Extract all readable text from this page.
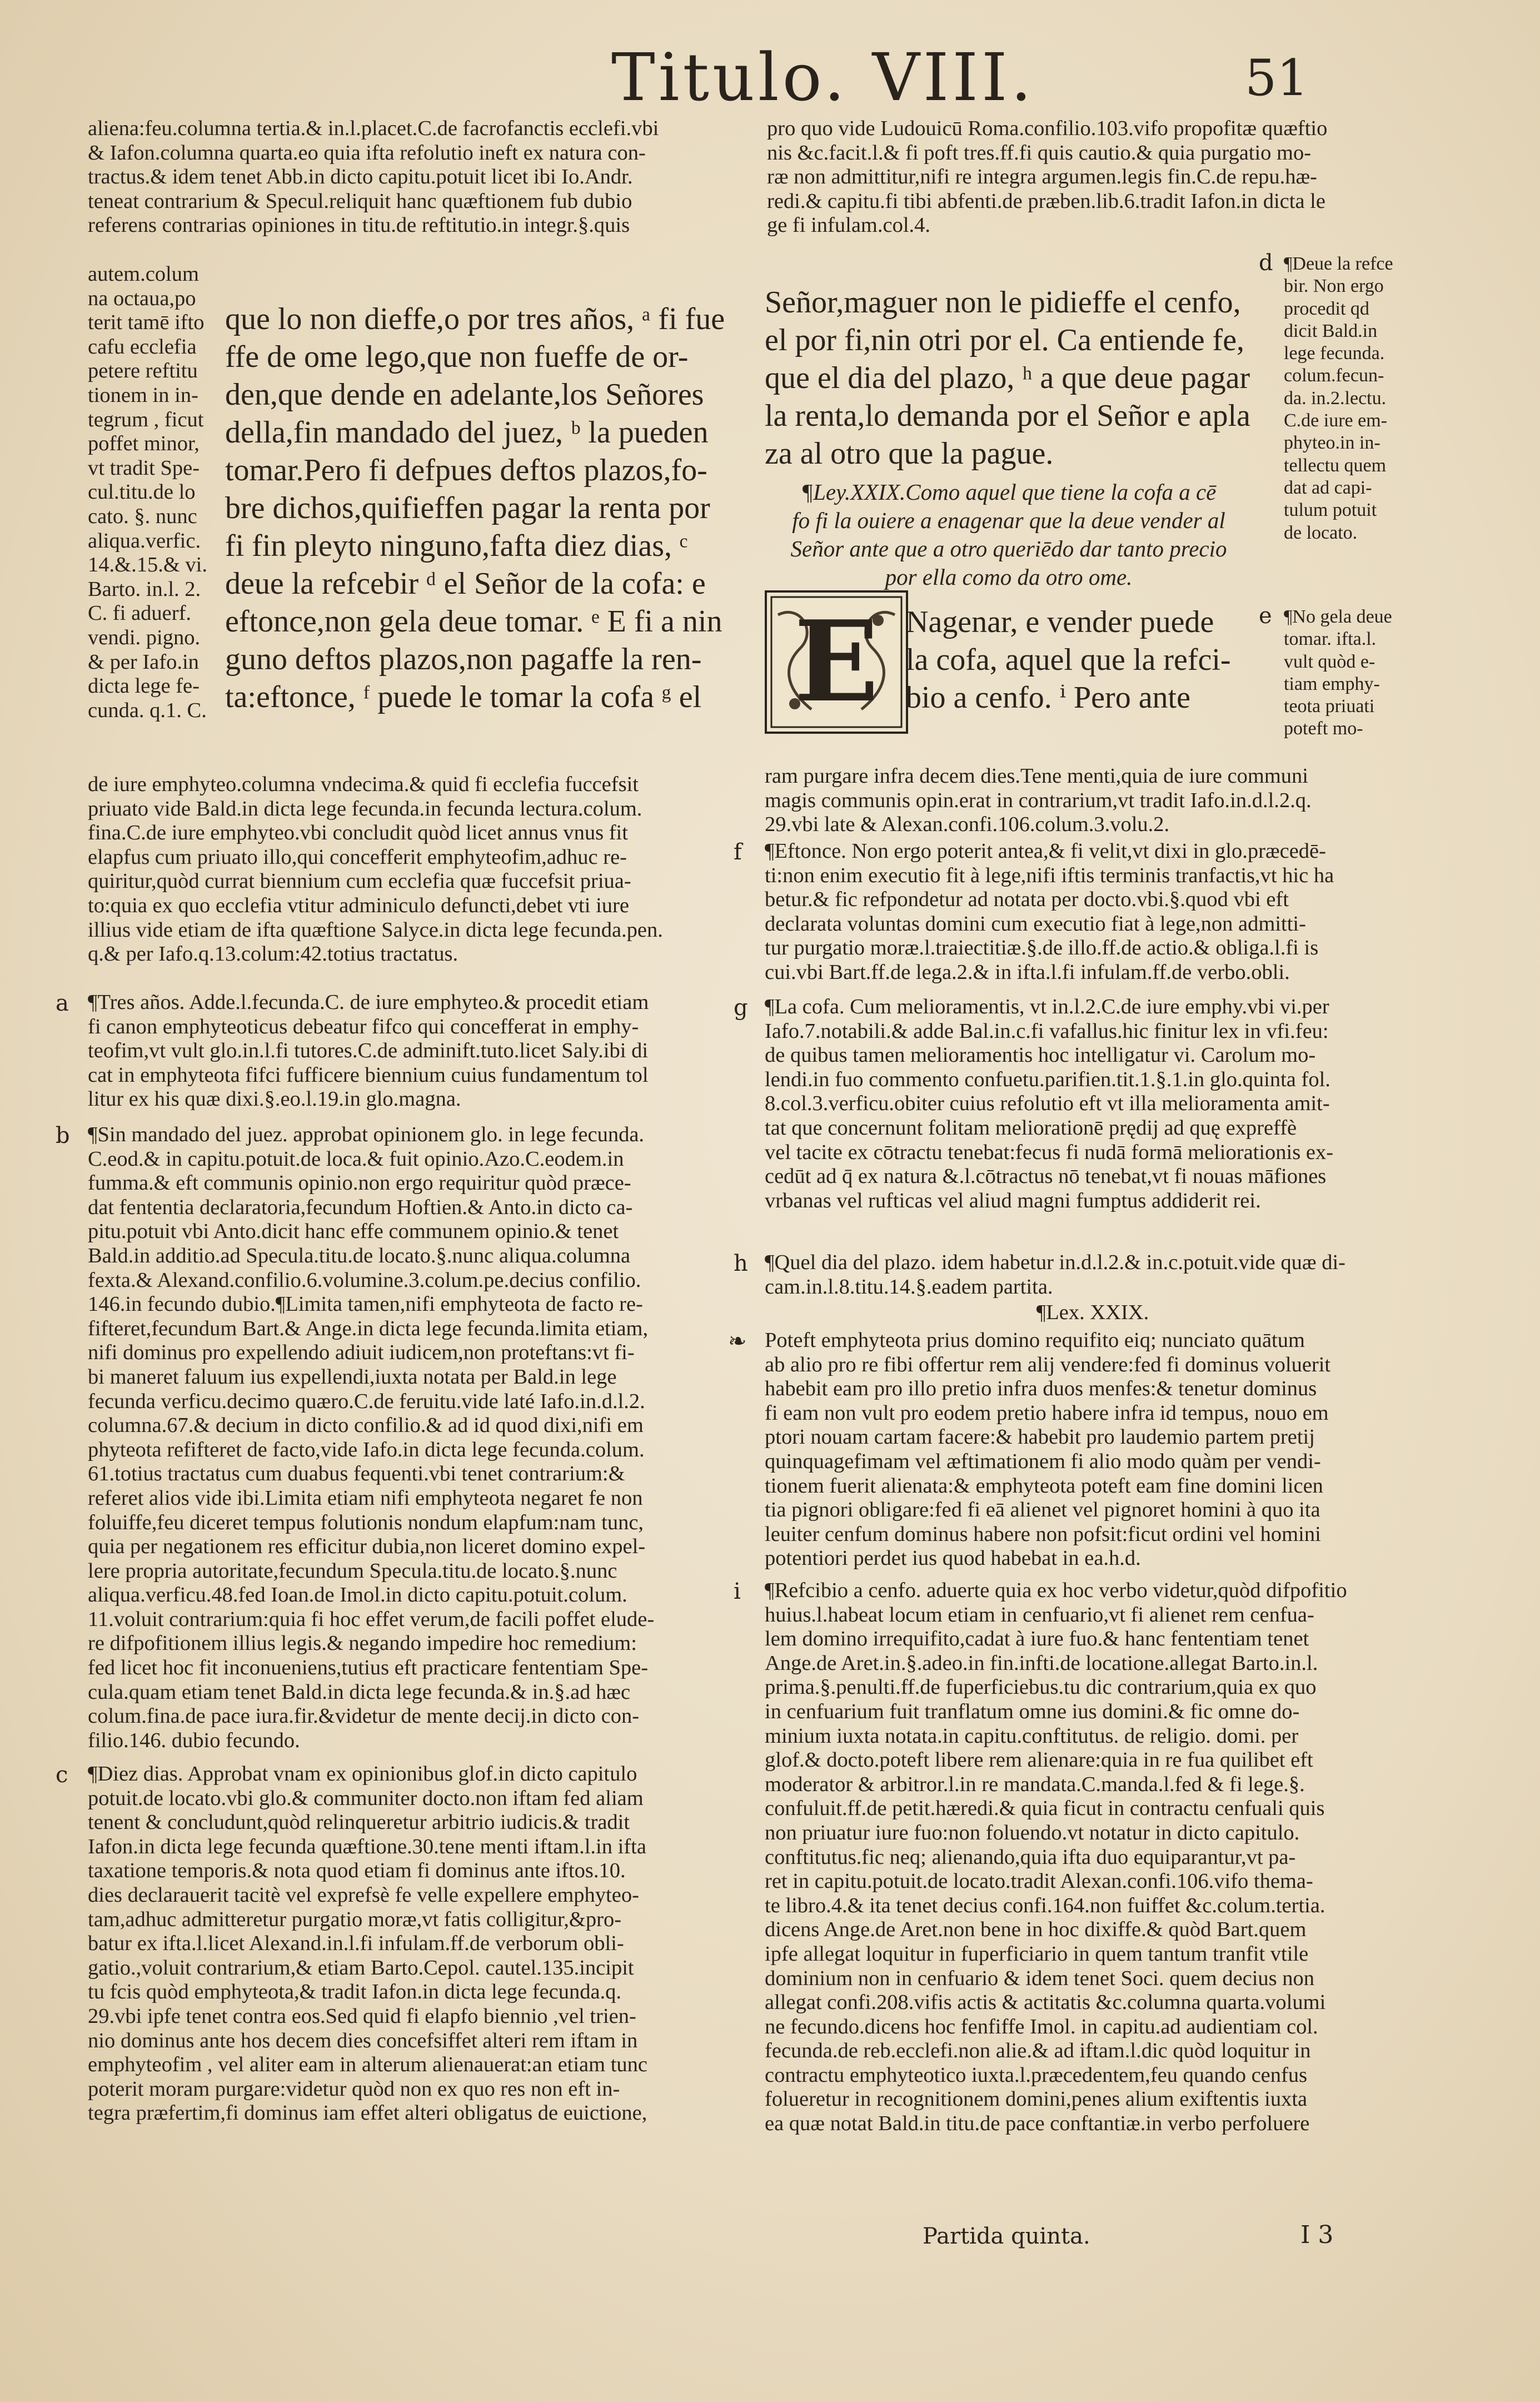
Titulo. VIII.	51
aliena:feu.columna tertia.& in.l.placet.C.de facrofanctis ecclefi.vbi
& Iafon.columna quarta.eo quia ifta refolutio ineft ex natura con-
tractus.& idem tenet Abb.in dicto capitu.potuit licet ibi Io.Andr.
teneat contrarium & Specul.reliquit hanc quæftionem fub dubio
referens contrarias opiniones in titu.de reftitutio.in integr.§.quis
autem.colum
na octaua,po
terit tamē ifto
cafu ecclefia
petere reftitu
tionem in in-
tegrum , ficut
poffet minor,
vt tradit Spe-
cul.titu.de lo
cato. §. nunc
aliqua.verfic.
14.&.15.& vi.
Barto. in.l. 2.
C. fi aduerf.
vendi. pigno.
& per Iafo.in
dicta lege fe-
cunda. q.1. C.
que lo non dieffe,o por tres años, ᵃ fi fue
ffe de ome lego,que non fueffe de or-
den,que dende en adelante,los Señores
della,fin mandado del juez, ᵇ la pueden
tomar.Pero fi defpues deftos plazos,fo-
bre dichos,quifieffen pagar la renta por
fi fin pleyto ninguno,fafta diez dias, ᶜ
deue la refcebir ᵈ el Señor de la cofa: e
eftonce,non gela deue tomar. ᵉ E fi a nin
guno deftos plazos,non pagaffe la ren-
ta:eftonce, ᶠ puede le tomar la cofa ᵍ el
de iure emphyteo.columna vndecima.& quid fi ecclefia fuccefsit
priuato vide Bald.in dicta lege fecunda.in fecunda lectura.colum.
fina.C.de iure emphyteo.vbi concludit quòd licet annus vnus fit
elapfus cum priuato illo,qui concefferit emphyteofim,adhuc re-
quiritur,quòd currat biennium cum ecclefia quæ fuccefsit priua-
to:quia ex quo ecclefia vtitur adminiculo defuncti,debet vti iure
illius vide etiam de ifta quæftione Salyce.in dicta lege fecunda.pen.
q.& per Iafo.q.13.colum:42.totius tractatus.
a ¶Tres años. Adde.l.fecunda.C. de iure emphyteo.& procedit etiam
fi canon emphyteoticus debeatur fifco qui concefferat in emphy-
teofim,vt vult glo.in.l.fi tutores.C.de adminift.tuto.licet Saly.ibi di
cat in emphyteota fifci fufficere biennium cuius fundamentum tol
litur ex his quæ dixi.§.eo.l.19.in glo.magna.
b ¶Sin mandado del juez. approbat opinionem glo. in lege fecunda.
C.eod.& in capitu.potuit.de loca.& fuit opinio.Azo.C.eodem.in
fumma.& eft communis opinio.non ergo requiritur quòd præce-
dat fententia declaratoria,fecundum Hoftien.& Anto.in dicto ca-
pitu.potuit vbi Anto.dicit hanc effe communem opinio.& tenet
Bald.in additio.ad Specula.titu.de locato.§.nunc aliqua.columna
fexta.& Alexand.confilio.6.volumine.3.colum.pe.decius confilio.
146.in fecundo dubio.¶Limita tamen,nifi emphyteota de facto re-
fifteret,fecundum Bart.& Ange.in dicta lege fecunda.limita etiam,
nifi dominus pro expellendo adiuit iudicem,non proteftans:vt fi-
bi maneret faluum ius expellendi,iuxta notata per Bald.in lege
fecunda verficu.decimo quæro.C.de feruitu.vide laté Iafo.in.d.l.2.
columna.67.& decium in dicto confilio.& ad id quod dixi,nifi em
phyteota refifteret de facto,vide Iafo.in dicta lege fecunda.colum.
61.totius tractatus cum duabus fequenti.vbi tenet contrarium:&
referet alios vide ibi.Limita etiam nifi emphyteota negaret fe non
foluiffe,feu diceret tempus folutionis nondum elapfum:nam tunc,
quia per negationem res efficitur dubia,non liceret domino expel-
lere propria autoritate,fecundum Specula.titu.de locato.§.nunc
aliqua.verficu.48.fed Ioan.de Imol.in dicto capitu.potuit.colum.
11.voluit contrarium:quia fi hoc effet verum,de facili poffet elude-
re difpofitionem illius legis.& negando impedire hoc remedium:
fed licet hoc fit inconueniens,tutius eft practicare fententiam Spe-
cula.quam etiam tenet Bald.in dicta lege fecunda.& in.§.ad hæc
colum.fina.de pace iura.fir.&videtur de mente decij.in dicto con-
filio.146. dubio fecundo.
c ¶Diez dias. Approbat vnam ex opinionibus glof.in dicto capitulo
potuit.de locato.vbi glo.& communiter docto.non iftam fed aliam
tenent & concludunt,quòd relinqueretur arbitrio iudicis.& tradit
Iafon.in dicta lege fecunda quæftione.30.tene menti iftam.l.in ifta
taxatione temporis.& nota quod etiam fi dominus ante iftos.10.
dies declarauerit tacitè vel exprefsè fe velle expellere emphyteo-
tam,adhuc admitteretur purgatio moræ,vt fatis colligitur,&pro-
batur ex ifta.l.licet Alexand.in.l.fi infulam.ff.de verborum obli-
gatio.,voluit contrarium,& etiam Barto.Cepol. cautel.135.incipit
tu fcis quòd emphyteota,& tradit Iafon.in dicta lege fecunda.q.
29.vbi ipfe tenet contra eos.Sed quid fi elapfo biennio ,vel trien-
nio dominus ante hos decem dies concefsiffet alteri rem iftam in
emphyteofim , vel aliter eam in alterum alienauerat:an etiam tunc
poterit moram purgare:videtur quòd non ex quo res non eft in-
tegra præfertim,fi dominus iam effet alteri obligatus de euictione,
pro quo vide Ludouicū Roma.confilio.103.vifo propofitæ quæftio
nis &c.facit.l.& fi poft tres.ff.fi quis cautio.& quia purgatio mo-
ræ non admittitur,nifi re integra argumen.legis fin.C.de repu.hæ-
redi.& capitu.fi tibi abfenti.de præben.lib.6.tradit Iafon.in dicta le
ge fi infulam.col.4.
Señor,maguer non le pidieffe el cenfo,
el por fi,nin otri por el. Ca entiende fe,
que el dia del plazo, ʰ a que deue pagar
la renta,lo demanda por el Señor e apla
za al otro que la pague.
¶Ley.XXIX.Como aquel que tiene la cofa a cē
fo fi la ouiere a enagenar que la deue vender al
Señor ante que a otro queriēdo dar tanto precio
por ella como da otro ome.
E Nagenar, e vender puede
la cofa, aquel que la refci-
bio a cenfo. ⁱ Pero ante
d ¶Deue la refce
bir. Non ergo
procedit qd
dicit Bald.in
lege fecunda.
colum.fecun-
da. in.2.lectu.
C.de iure em-
phyteo.in in-
tellectu quem
dat ad capi-
tulum potuit
de locato.
e ¶No gela deue
tomar. ifta.l.
vult quòd e-
tiam emphy-
teota priuati
poteft mo-
ram purgare infra decem dies.Tene menti,quia de iure communi
magis communis opin.erat in contrarium,vt tradit Iafo.in.d.l.2.q.
29.vbi late & Alexan.confi.106.colum.3.volu.2.
f ¶Eftonce. Non ergo poterit antea,& fi velit,vt dixi in glo.præcedē-
ti:non enim executio fit à lege,nifi iftis terminis tranfactis,vt hic ha
betur.& fic refpondetur ad notata per docto.vbi.§.quod vbi eft
declarata voluntas domini cum executio fiat à lege,non admitti-
tur purgatio moræ.l.traiectitiæ.§.de illo.ff.de actio.& obliga.l.fi is
cui.vbi Bart.ff.de lega.2.& in ifta.l.fi infulam.ff.de verbo.obli.
g ¶La cofa. Cum melioramentis, vt in.l.2.C.de iure emphy.vbi vi.per
Iafo.7.notabili.& adde Bal.in.c.fi vafallus.hic finitur lex in vfi.feu:
de quibus tamen melioramentis hoc intelligatur vi. Carolum mo-
lendi.in fuo commento confuetu.parifien.tit.1.§.1.in glo.quinta fol.
8.col.3.verficu.obiter cuius refolutio eft vt illa melioramenta amit-
tat que concernunt folitam meliorationē prędij ad quę expreffè
vel tacite ex cōtractu tenebat:fecus fi nudā formā meliorationis ex-
cedūt ad q̄ ex natura &.l.cōtractus nō tenebat,vt fi nouas māfiones
vrbanas vel rufticas vel aliud magni fumptus addiderit rei.
h ¶Quel dia del plazo. idem habetur in.d.l.2.& in.c.potuit.vide quæ di-
cam.in.l.8.titu.14.§.eadem partita.
¶Lex. XXIX.
❧ Poteft emphyteota prius domino requifito eiq; nunciato quātum
ab alio pro re fibi offertur rem alij vendere:fed fi dominus voluerit
habebit eam pro illo pretio infra duos menfes:& tenetur dominus
fi eam non vult pro eodem pretio habere infra id tempus, nouo em
ptori nouam cartam facere:& habebit pro laudemio partem pretij
quinquagefimam vel æftimationem fi alio modo quàm per vendi-
tionem fuerit alienata:& emphyteota poteft eam fine domini licen
tia pignori obligare:fed fi eā alienet vel pignoret homini à quo ita
leuiter cenfum dominus habere non pofsit:ficut ordini vel homini
potentiori perdet ius quod habebat in ea.h.d.
i ¶Refcibio a cenfo. aduerte quia ex hoc verbo videtur,quòd difpofitio
huius.l.habeat locum etiam in cenfuario,vt fi alienet rem cenfua-
lem domino irrequifito,cadat à iure fuo.& hanc fententiam tenet
Ange.de Aret.in.§.adeo.in fin.infti.de locatione.allegat Barto.in.l.
prima.§.penulti.ff.de fuperficiebus.tu dic contrarium,quia ex quo
in cenfuarium fuit tranflatum omne ius domini.& fic omne do-
minium iuxta notata.in capitu.conftitutus. de religio. domi. per
glof.& docto.poteft libere rem alienare:quia in re fua quilibet eft
moderator & arbitror.l.in re mandata.C.manda.l.fed & fi lege.§.
confuluit.ff.de petit.hæredi.& quia ficut in contractu cenfuali quis
non priuatur iure fuo:non foluendo.vt notatur in dicto capitulo.
conftitutus.fic neq; alienando,quia ifta duo equiparantur,vt pa-
ret in capitu.potuit.de locato.tradit Alexan.confi.106.vifo thema-
te libro.4.& ita tenet decius confi.164.non fuiffet &c.colum.tertia.
dicens Ange.de Aret.non bene in hoc dixiffe.& quòd Bart.quem
ipfe allegat loquitur in fuperficiario in quem tantum tranfit vtile
dominium non in cenfuario & idem tenet Soci. quem decius non
allegat confi.208.vifis actis & actitatis &c.columna quarta.volumi
ne fecundo.dicens hoc fenfiffe Imol. in capitu.ad audientiam col.
fecunda.de reb.ecclefi.non alie.& ad iftam.l.dic quòd loquitur in
contractu emphyteotico iuxta.l.præcedentem,feu quando cenfus
folueretur in recognitionem domini,penes alium exiftentis iuxta
ea quæ notat Bald.in titu.de pace conftantiæ.in verbo perfoluere
Partida quinta.	I 3
